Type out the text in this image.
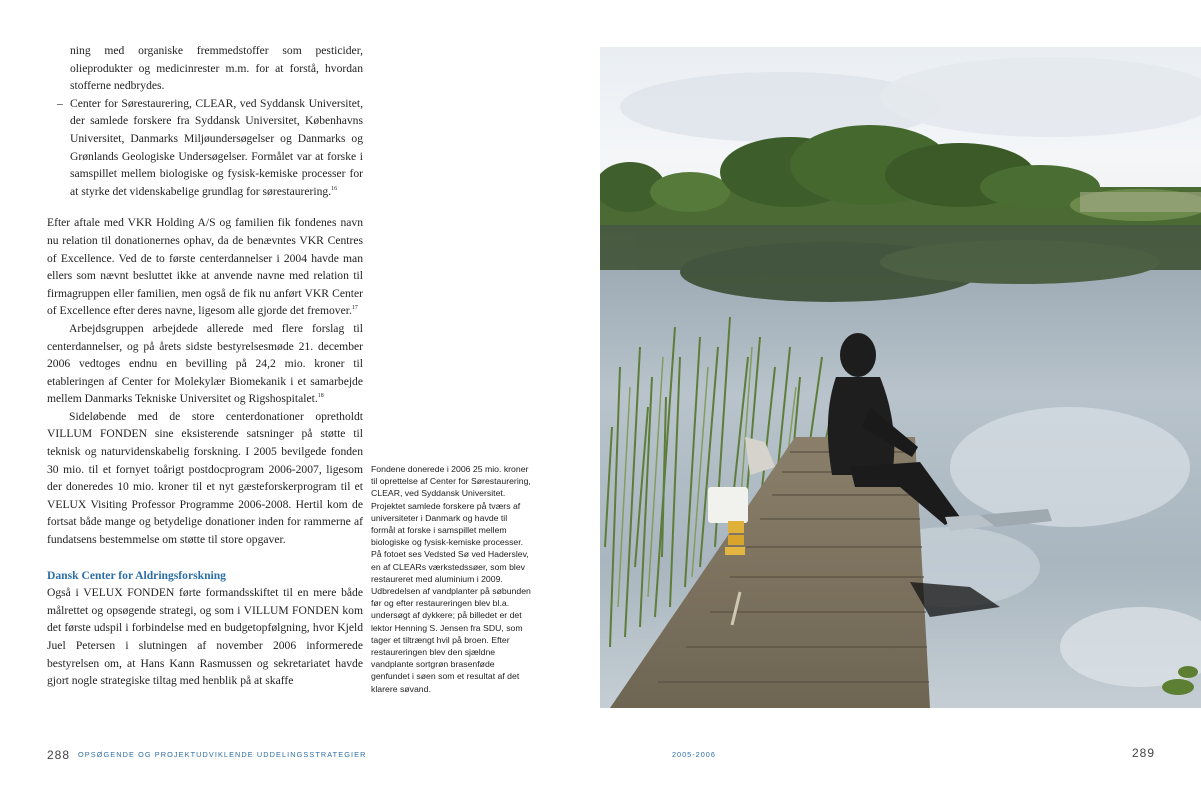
ning med organiske fremmedstoffer som pesticider, olieprodukter og medicinrester m.m. for at forstå, hvordan stofferne nedbrydes.
– Center for Sørestaurering, CLEAR, ved Syddansk Universitet, der samlede forskere fra Syddansk Universitet, Københavns Universitet, Danmarks Miljøundersøgelser og Danmarks og Grønlands Geologiske Undersøgelser. Formålet var at forske i samspillet mellem biologiske og fysisk-kemiske processer for at styrke det videnskabelige grundlag for sørestaurering.$^{16}$

Efter aftale med VKR Holding A/S og familien fik fondenes navn nu relation til donationernes ophav, da de benævntes VKR Centres of Excellence. Ved de to første centerdannelser i 2004 havde man ellers som nævnt besluttet ikke at anvende navne med relation til firmagruppen eller familien, men også de fik nu anført VKR Center of Excellence efter deres navne, ligesom alle gjorde det fremover.$^{17}$

Arbejdsgruppen arbejdede allerede med flere forslag til centerdannelser, og på årets sidste bestyrelsesmøde 21. december 2006 vedtoges endnu en bevilling på 24,2 mio. kroner til etableringen af Center for Molekylær Biomekanik i et samarbejde mellem Danmarks Tekniske Universitet og Rigshospitalet.$^{18}$

Sideløbende med de store centerdonationer opretholdt VILLUM FONDEN sine eksisterende satsninger på støtte til teknisk og naturvidenskabelig forskning. I 2005 bevilgede fonden 30 mio. til et fornyet toårigt postdocprogram 2006-2007, ligesom der doneredes 10 mio. kroner til et nyt gæsteforskerprogram til et VELUX Visiting Professor Programme 2006-2008. Hertil kom de fortsat både mange og betydelige donationer inden for rammerne af fundatsens bestemmelse om støtte til store opgaver.

Dansk Center for Aldringsforskning

Også i VELUX FONDEN førte formandsskiftet til en mere både målrettet og opsøgende strategi, og som i VILLUM FONDEN kom det første udspil i forbindelse med en budgetopfølgning, hvor Kjeld Juel Petersen i slutningen af november 2006 informerede bestyrelsen om, at Hans Kann Rasmussen og sekretariatet havde gjort nogle strategiske tiltag med henblik på at skaffe

Fondene donerede i 2006 25 mio. kroner til oprettelse af Center for Sørestaurering, CLEAR, ved Syddansk Universitet. Projektet samlede forskere på tværs af universiteter i Danmark og havde til formål at forske i samspillet mellem biologiske og fysisk-kemiske processer. På fotoet ses Vedsted Sø ved Haderslev, en af CLEARs værkstedssøer, som blev restaureret med aluminium i 2009. Udbredelsen af vandplanter på søbunden før og efter restaureringen blev bl.a. undersøgt af dykkere; på billedet er det lektor Henning S. Jensen fra SDU, som tager et tiltrængt hvil på broen. Efter restaureringen blev den sjældne vandplante sortgrøn brasenføde genfundet i søen som et resultat af det klarere søvand.
288 OPSØGENDE OG PROJEKTUDVIKLENDE UDDELINGSSTRATEGIER	2005-2006	289
